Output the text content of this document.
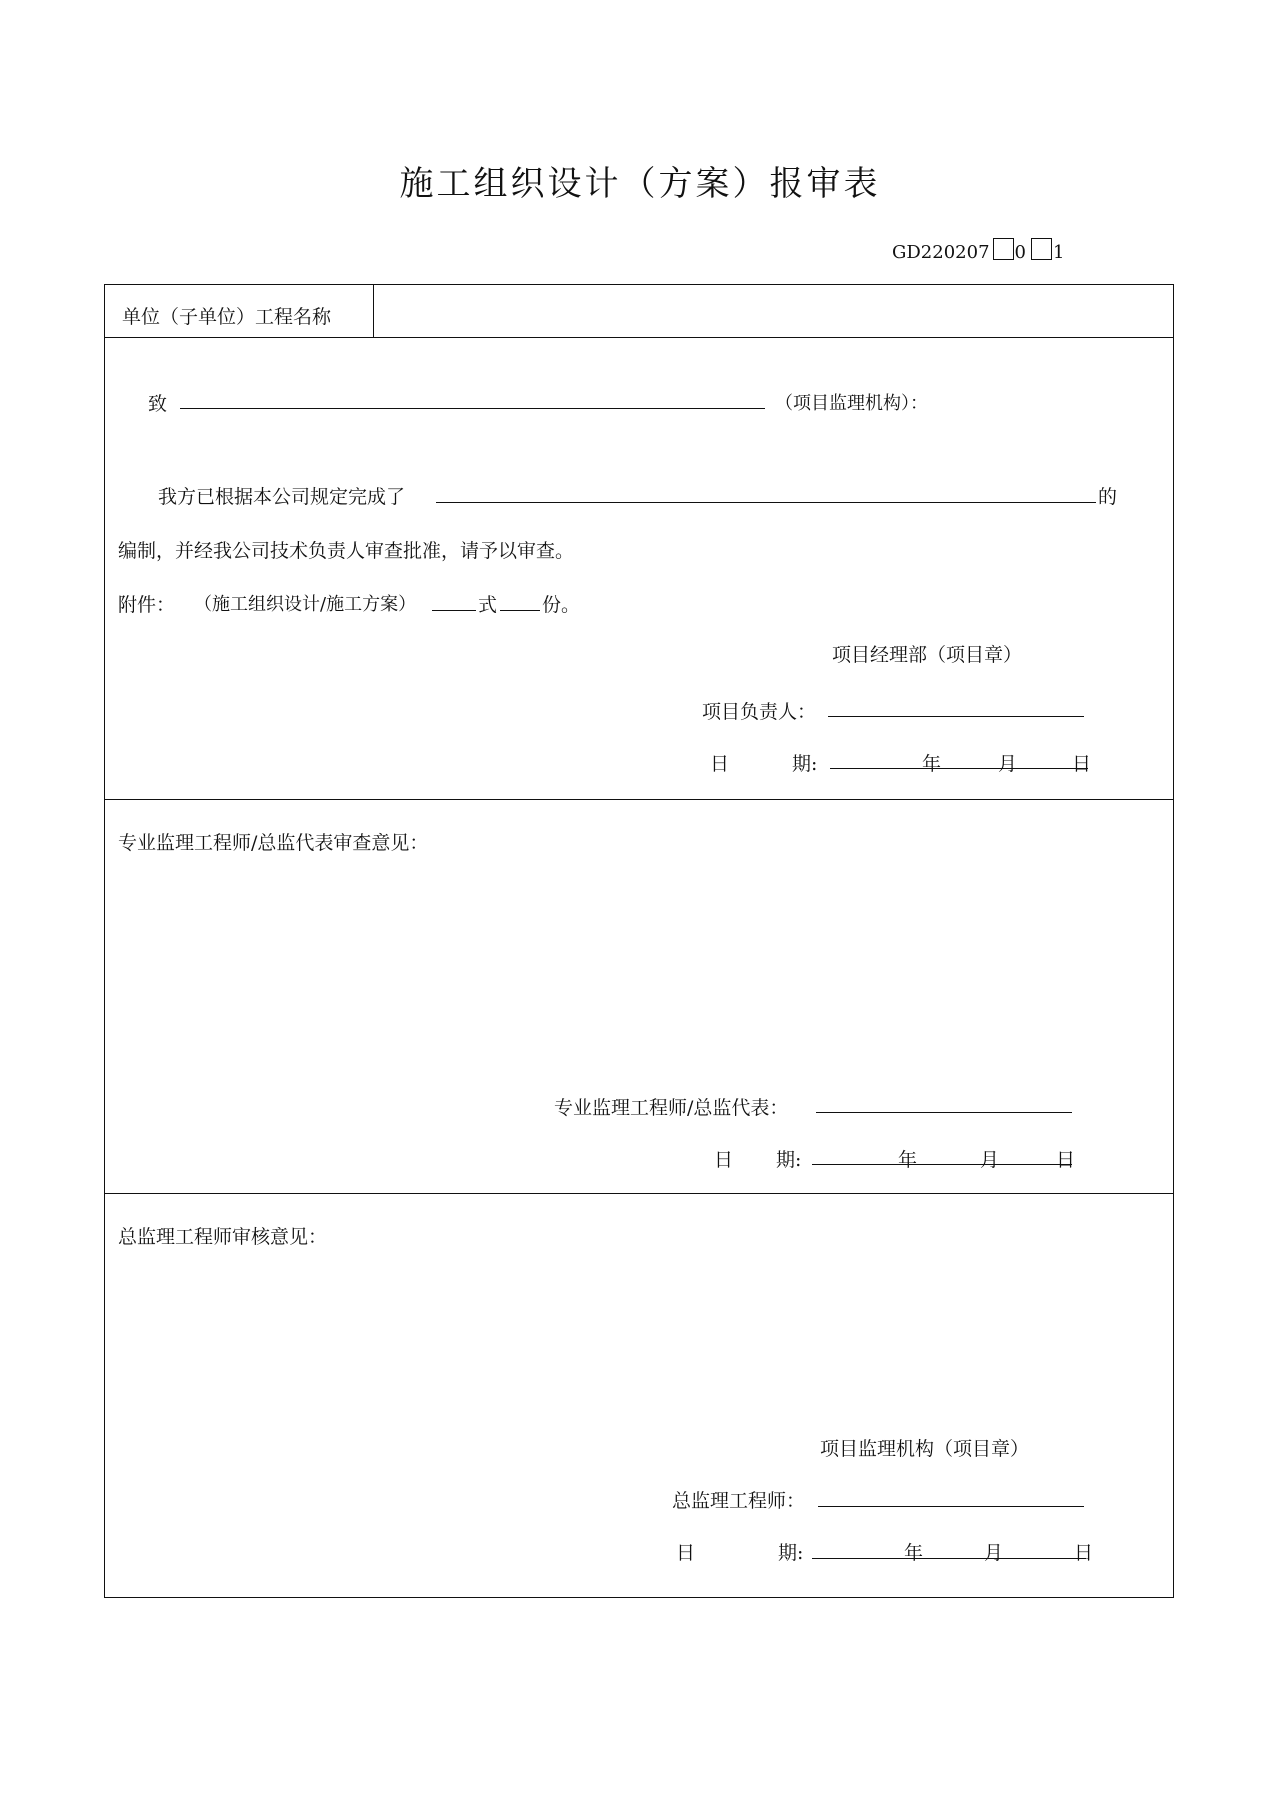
施工组织设计（方案）报审表
GD220207 0 1
单位（子单位）工程名称
致	（项目监理机构）：
我方已根据本公司规定完成了	的
编制，并经我公司技术负责人审查批准，请予以审查。
附件： （施工组织设计/施工方案）	式 份。
项目经理部（项目章）
项目负责人：
日	期:	年	月	日
专业监理工程师/总监代表审查意见：
专业监理工程师/总监代表：
日 期:	年	月	日
总监理工程师审核意见：
项目监理机构（项目章）
总监理工程师：
日	期:	年	月	日
